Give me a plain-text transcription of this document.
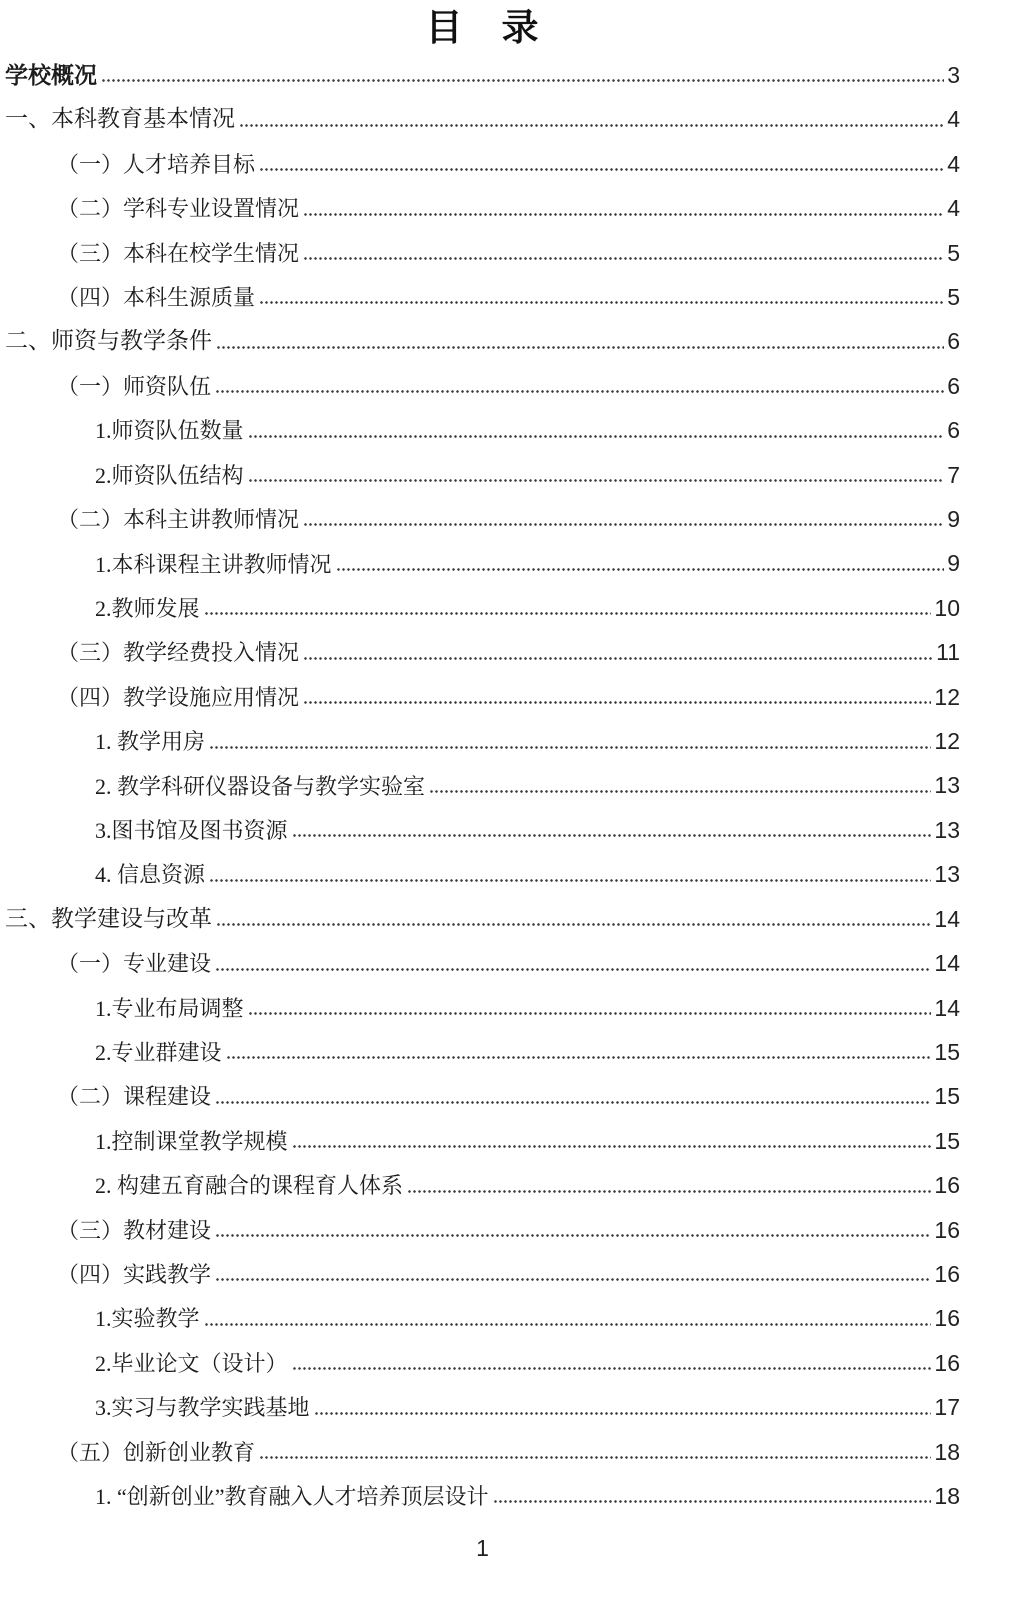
目　录
学校概况	3
一、本科教育基本情况	4
（一）人才培养目标	4
（二）学科专业设置情况	4
（三）本科在校学生情况	5
（四）本科生源质量	5
二、师资与教学条件	6
（一）师资队伍	6
1.师资队伍数量	6
2.师资队伍结构	7
（二）本科主讲教师情况	9
1.本科课程主讲教师情况	9
2.教师发展	10
（三）教学经费投入情况	11
（四）教学设施应用情况	12
1. 教学用房	12
2. 教学科研仪器设备与教学实验室	13
3.图书馆及图书资源	13
4. 信息资源	13
三、教学建设与改革	14
（一）专业建设	14
1.专业布局调整	14
2.专业群建设	15
（二）课程建设	15
1.控制课堂教学规模	15
2. 构建五育融合的课程育人体系	16
（三）教材建设	16
（四）实践教学	16
1.实验教学	16
2.毕业论文（设计）	16
3.实习与教学实践基地	17
（五）创新创业教育	18
1. “创新创业”教育融入人才培养顶层设计	18
1
